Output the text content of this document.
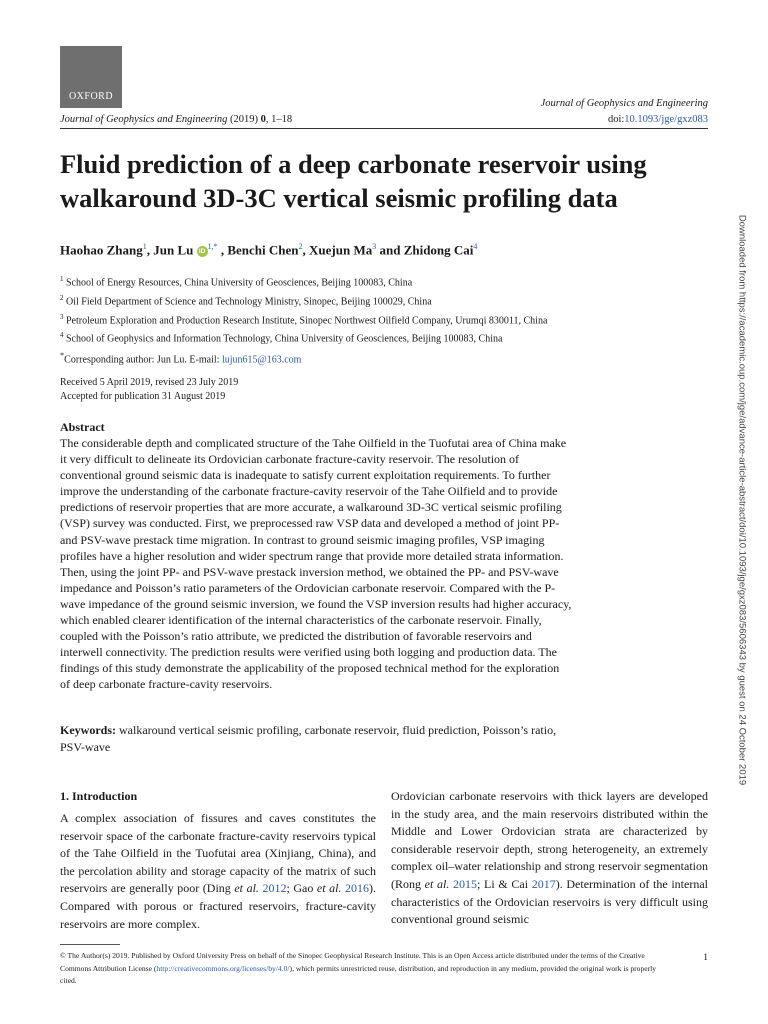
OXFORD
Journal of Geophysics and Engineering (2019) 0, 1–18
Journal of Geophysics and Engineering
doi:10.1093/jge/gxz083
Fluid prediction of a deep carbonate reservoir using walkaround 3D-3C vertical seismic profiling data
Haohao Zhang$^1$, Jun Lu $iD^{1,*}$ , Benchi Chen$^2$, Xuejun Ma$^3$ and Zhidong Cai$^4$
$^1$ School of Energy Resources, China University of Geosciences, Beijing 100083, China
$^2$ Oil Field Department of Science and Technology Ministry, Sinopec, Beijing 100029, China
$^3$ Petroleum Exploration and Production Research Institute, Sinopec Northwest Oilfield Company, Urumqi 830011, China
$^4$ School of Geophysics and Information Technology, China University of Geosciences, Beijing 100083, China
*Corresponding author: Jun Lu. E-mail: lujun615@163.com
Received 5 April 2019, revised 23 July 2019
Accepted for publication 31 August 2019
Abstract

The considerable depth and complicated structure of the Tahe Oilfield in the Tuofutai area of China make it very difficult to delineate its Ordovician carbonate fracture-cavity reservoir. The resolution of conventional ground seismic data is inadequate to satisfy current exploitation requirements. To further improve the understanding of the carbonate fracture-cavity reservoir of the Tahe Oilfield and to provide predictions of reservoir properties that are more accurate, a walkaround 3D-3C vertical seismic profiling (VSP) survey was conducted. First, we preprocessed raw VSP data and developed a method of joint PP- and PSV-wave prestack time migration. In contrast to ground seismic imaging profiles, VSP imaging profiles have a higher resolution and wider spectrum range that provide more detailed strata information. Then, using the joint PP- and PSV-wave prestack inversion method, we obtained the PP- and PSV-wave impedance and Poisson’s ratio parameters of the Ordovician carbonate reservoir. Compared with the P-wave impedance of the ground seismic inversion, we found the VSP inversion results had higher accuracy, which enabled clearer identification of the internal characteristics of the carbonate reservoir. Finally, coupled with the Poisson’s ratio attribute, we predicted the distribution of favorable reservoirs and interwell connectivity. The prediction results were verified using both logging and production data. The findings of this study demonstrate the applicability of the proposed technical method for the exploration of deep carbonate fracture-cavity reservoirs.

Keywords: walkaround vertical seismic profiling, carbonate reservoir, fluid prediction, Poisson’s ratio, PSV-wave

1. Introduction

A complex association of fissures and caves constitutes the reservoir space of the carbonate fracture-cavity reservoirs typical of the Tahe Oilfield in the Tuofutai area (Xinjiang, China), and the percolation ability and storage capacity of the matrix of such reservoirs are generally poor (Ding et al. 2012; Gao et al. 2016). Compared with porous or fractured reservoirs, fracture-cavity reservoirs are more complex.

Ordovician carbonate reservoirs with thick layers are developed in the study area, and the main reservoirs distributed within the Middle and Lower Ordovician strata are characterized by considerable reservoir depth, strong heterogeneity, an extremely complex oil–water relationship and strong reservoir segmentation (Rong et al. 2015; Li & Cai 2017). Determination of the internal characteristics of the Ordovician reservoirs is very difficult using conventional ground seismic

© The Author(s) 2019. Published by Oxford University Press on behalf of the Sinopec Geophysical Research Institute. This is an Open Access article distributed under the terms of the Creative Commons Attribution License (http://creativecommons.org/licenses/by/4.0/), which permits unrestricted reuse, distribution, and reproduction in any medium, provided the original work is properly cited.

1
Downloaded from https://academic.oup.com/jge/advance-article-abstract/doi/10.1093/jge/gxz083/5606343 by guest on 24 October 2019
